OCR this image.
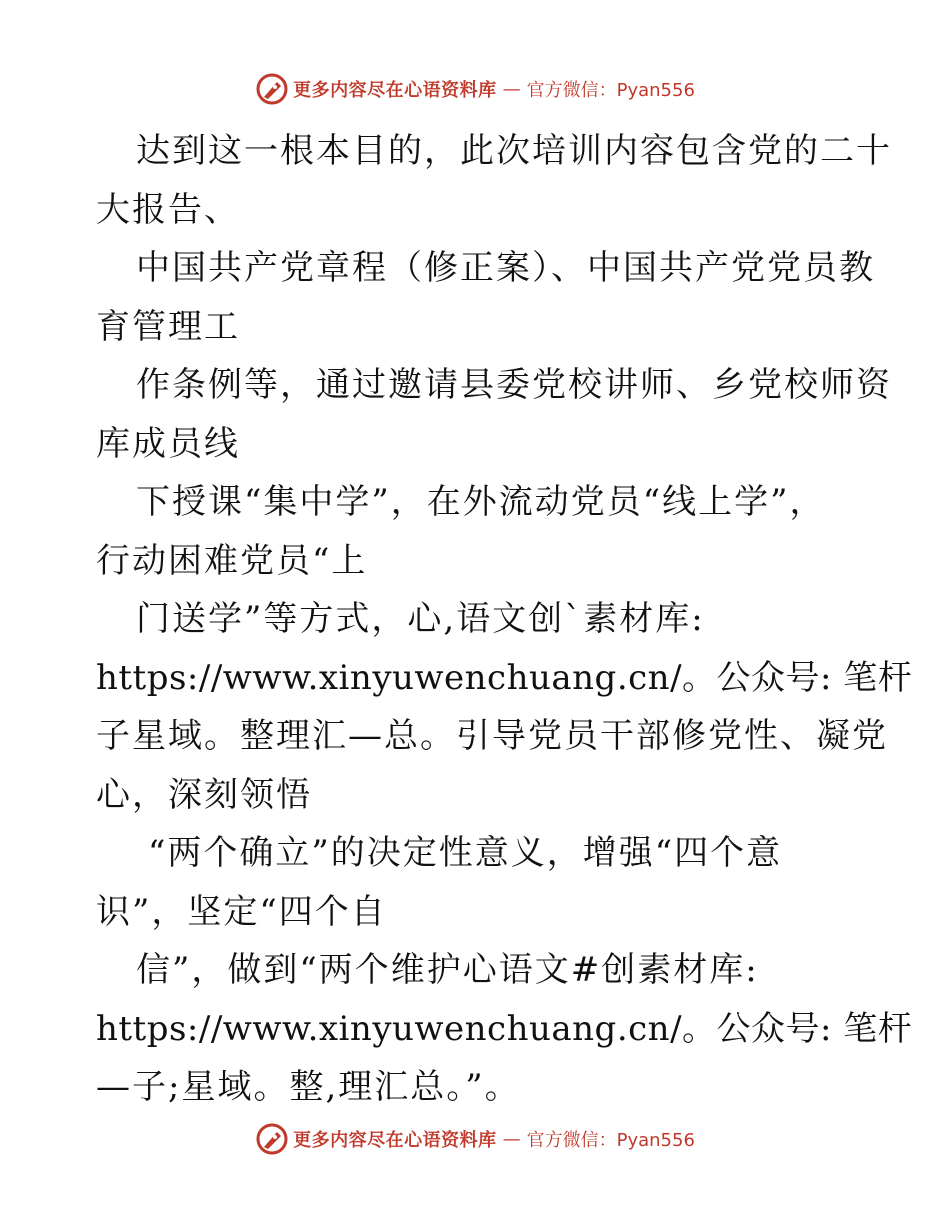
更多内容尽在心语资料库 — 官方微信：Pyan556
达到这一根本目的，此次培训内容包含党的二十
大报告、
中国共产党章程（修正案）、中国共产党党员教
育管理工
作条例等，通过邀请县委党校讲师、乡党校师资
库成员线
下授课“集中学”，在外流动党员“线上学”，
行动困难党员“上
门送学”等方式，心,语文创`素材库:
https://www.xinyuwenchuang.cn/。公众号: 笔杆
子星域。整理汇—总。引导党员干部修党性、凝党
心，深刻领悟
“两个确立”的决定性意义，增强“四个意
识”，坚定“四个自
信”，做到“两个维护心语文#创素材库:
https://www.xinyuwenchuang.cn/。公众号: 笔杆
—子;星域。整,理汇总。”。
更多内容尽在心语资料库 — 官方微信：Pyan556
